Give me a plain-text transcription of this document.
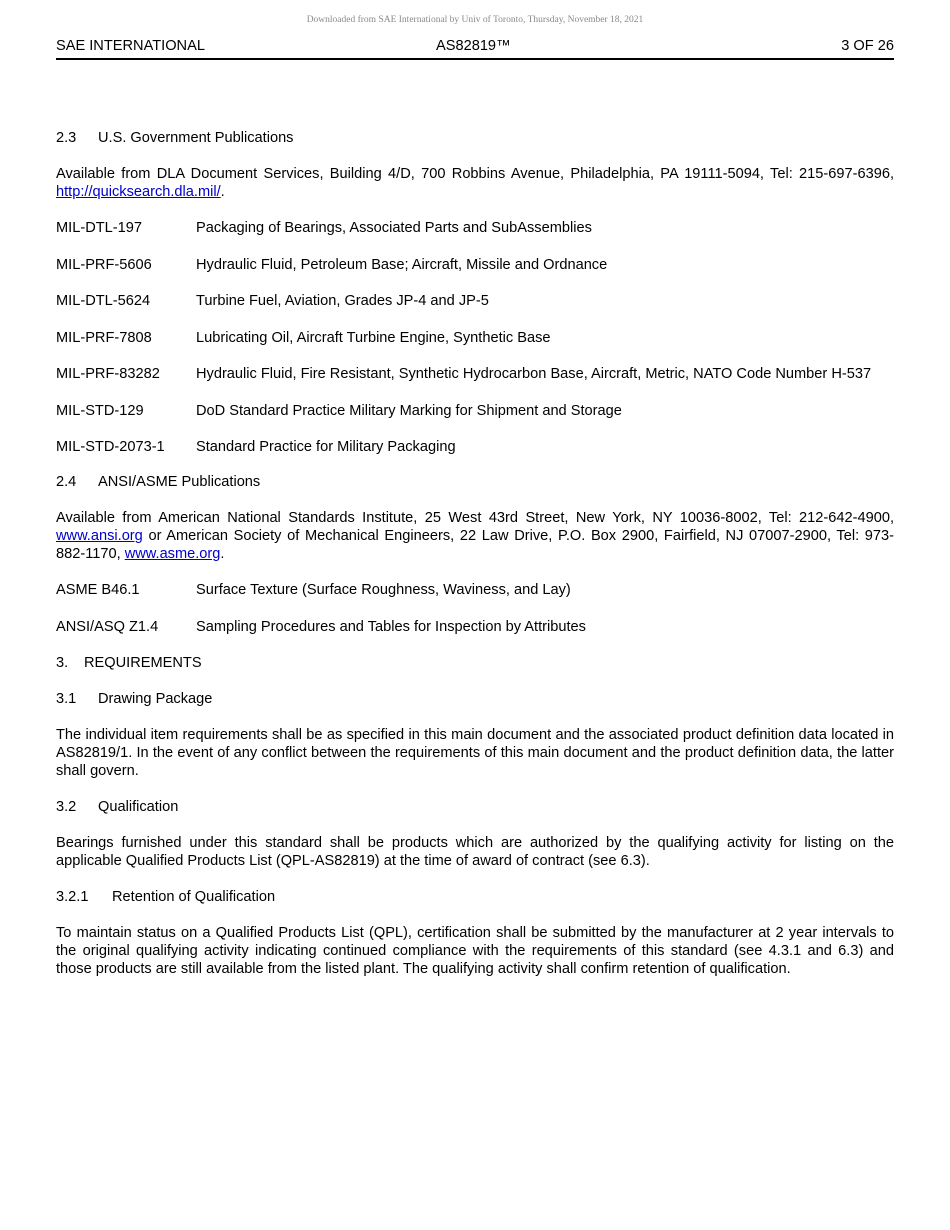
Downloaded from SAE International by Univ of Toronto, Thursday, November 18, 2021
SAE INTERNATIONAL	AS82819™	3 OF 26
2.3 U.S. Government Publications

Available from DLA Document Services, Building 4/D, 700 Robbins Avenue, Philadelphia, PA 19111-5094, Tel: 215-697-6396, http://quicksearch.dla.mil/.

MIL-DTL-197	Packaging of Bearings, Associated Parts and SubAssemblies
MIL-PRF-5606	Hydraulic Fluid, Petroleum Base; Aircraft, Missile and Ordnance
MIL-DTL-5624	Turbine Fuel, Aviation, Grades JP-4 and JP-5
MIL-PRF-7808	Lubricating Oil, Aircraft Turbine Engine, Synthetic Base
MIL-PRF-83282	Hydraulic Fluid, Fire Resistant, Synthetic Hydrocarbon Base, Aircraft, Metric, NATO Code Number H-537
MIL-STD-129	DoD Standard Practice Military Marking for Shipment and Storage
MIL-STD-2073-1	Standard Practice for Military Packaging
2.4 ANSI/ASME Publications

Available from American National Standards Institute, 25 West 43rd Street, New York, NY 10036-8002, Tel: 212-642-4900, www.ansi.org or American Society of Mechanical Engineers, 22 Law Drive, P.O. Box 2900, Fairfield, NJ 07007-2900, Tel: 973-882-1170, www.asme.org.

ASME B46.1	Surface Texture (Surface Roughness, Waviness, and Lay)
ANSI/ASQ Z1.4	Sampling Procedures and Tables for Inspection by Attributes
3. REQUIREMENTS
3.1 Drawing Package

The individual item requirements shall be as specified in this main document and the associated product definition data located in AS82819/1. In the event of any conflict between the requirements of this main document and the product definition data, the latter shall govern.

3.2 Qualification

Bearings furnished under this standard shall be products which are authorized by the qualifying activity for listing on the applicable Qualified Products List (QPL-AS82819) at the time of award of contract (see 6.3).

3.2.1 Retention of Qualification

To maintain status on a Qualified Products List (QPL), certification shall be submitted by the manufacturer at 2 year intervals to the original qualifying activity indicating continued compliance with the requirements of this standard (see 4.3.1 and 6.3) and those products are still available from the listed plant. The qualifying activity shall confirm retention of qualification.
